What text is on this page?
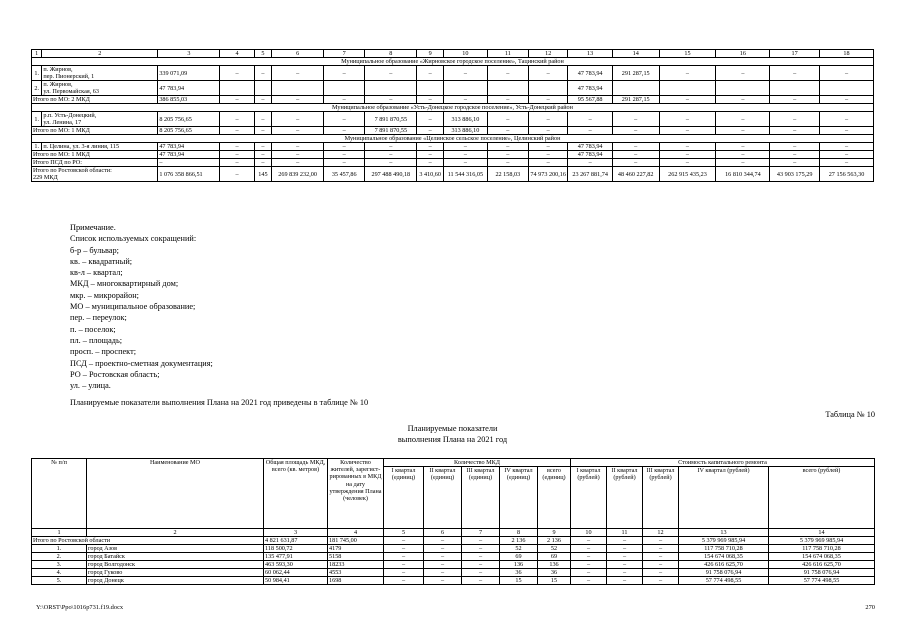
1	2	3	4	5	6	7	8	9	10	11	12	13	14	15	16	17	18
Муниципальное образование «Жирновское городское поселение», Тацинский район																	
1.	п. Жирнов,
пер. Пионерский, 1	339 071,09	–	–	–	–	–	–	–	–	–	47 783,94	291 287,15	–	–	–	–
2.	п. Жирнов,
ул. Первомайская, 63	47 783,94										47 783,94					
Итого по МО: 2 МКД		386 855,03	–	–	–	–	–	–	–	–	–	95 567,88	291 287,15	–	–	–	–
Муниципальное образование «Усть-Донецкое городское поселение», Усть-Донецкий район																	
1.	р.п. Усть-Донецкий,
ул. Ленина, 17	8 205 756,65	–	–	–	–	7 891 870,55	–	313 886,10	–	–	–	–	–	–	–	–
Итого по МО: 1 МКД		8 205 756,65	–	–	–	–	7 891 870,55	–	313 886,10	–	–	–	–	–	–	–	–
Муниципальное образование «Целинское сельское поселение», Целинский район																	
1.	п. Целина, ул. 3-я линия, 115	47 783,94	–	–	–	–	–	–	–	–	–	47 783,94	–	–	–	–	–
Итого по МО: 1 МКД		47 783,94	–	–	–	–	–	–	–	–	–	47 783,94	–	–	–	–	–
Итого ПСД по РО:		–	–	–	–	–	–	–	–	–	–	–	–	–	–	–	–

Итого по Ростовской области:
229 МКД		1 076 358 866,51	–	145	269 839 232,00	35 457,86	297 488 490,18	3 410,60	11 544 316,05	22 158,03	74 973 200,16	23 267 881,74	48 460 227,82	262 915 435,23	16 810 344,74	43 903 175,29	27 156 563,30
Примечание.
Список используемых сокращений:
б-р – бульвар;
кв. – квадратный;
кв-л – квартал;
МКД – многоквартирный дом;
мкр. – микрорайон;
МО – муниципальное образование;
пер. – переулок;
п. – поселок;
пл. – площадь;
просп. – проспект;
ПСД – проектно-сметная документация;
РО – Ростовская область;
ул. – улица.
Планируемые показатели выполнения Плана на 2021 год приведены в таблице № 10
Таблица № 10
Планируемые показатели
выполнения Плана на 2021 год
№ п/п	Наименование МО	Общая площадь МКД, всего (кв. метров)	Количество жителей, зарегист- рированных в МКД на дату утверждения Плана (человек)	Количество МКД					Стоимость капитального ремонта				
				I квартал (единиц)	II квартал (единиц)	III квартал (единиц)	IV квартал (единиц)	всего (единиц)	I квартал (рублей)	II квартал (рублей)	III квартал (рублей)	IV квартал (рублей)	всего (рублей)
1	2	3	4	5	6	7	8	9	10	11	12	13	14
Итого по Ростовской области		4 821 631,87	181 745,00	–	–	–	2 136	2 136	–	–	–	5 379 969 985,94	5 379 969 985,94
1.	город Азов	118 500,72	4179	–	–	–	52	52	–	–	–	117 758 710,28	117 758 710,28
2.	город Батайск	135 477,91	5158	–	–	–	69	69	–	–	–	154 674 068,35	154 674 068,35
3.	город Волгодонск	463 593,30	18233	–	–	–	136	136	–	–	–	426 616 625,70	426 616 625,70
4.	город Гуково	60 062,44	4553	–	–	–	36	36	–	–	–	91 758 076,94	91 758 076,94
5.	город Донецк	50 984,41	1698	–	–	–	15	15	–	–	–	57 774 498,55	57 774 498,55
Y:\ORST\Ppo\1016p731.f19.docx	270
